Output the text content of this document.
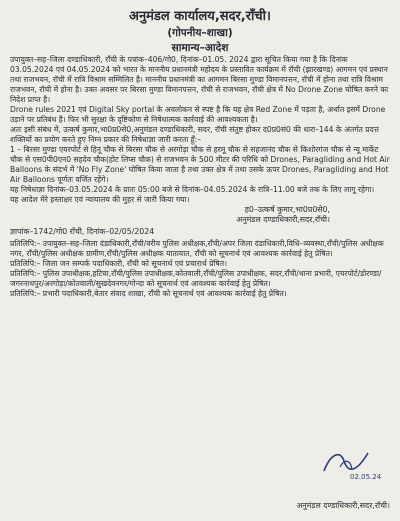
अनुमंडल कार्यालय,सदर,राँची।
(गोपनीय–शाखा)
सामान्य–आदेश

उपायुक्त–सह–जिला दण्डाधिकारी, राँची के पत्रांक–406/गो0, दिनांक–01.05. 2024 द्वारा सूचित किया गया है कि दिनांक 03.05.2024 एवं 04.05.2024 को भारत के माननीय प्रधानमंत्री महोदय के प्रस्तावित कार्यक्रम में रॉची (झारखण्ड) आगमन एवं प्रस्थान तथा राजभवन, रॉची में रात्रि विश्राम सम्मिलित है। माननीय प्रधानमंत्री का आगमन बिरसा मुण्डा विमानपत्तन, रॉची में होना तथा रात्रि विश्राम राजभवन, रॉची में होना है। उक्त अवसर पर बिरसा मुण्डा विमानपत्तन, रॉची से राजभवन, रॉची क्षेत्र में No Drone Zone घोषित करने का निदेश प्राप्त है।

Drone rules 2021 एवं Digital Sky portal के अवलोकन से स्पष्ट है कि यह क्षेत्र Red Zone में पड़ता है, अर्थात इसमें Drone उड़ाने पर प्रतिबंध है। फिर भी सुरक्षा के दृष्टिकोण से निषेधात्मक कार्रवाई की आवश्यकता है।

अतः इसी संबंध में, उत्कर्ष कुमार,भा0प्र0से0,अनुमंडल दण्डाधिकारी, सदर, रॉची संतुष्ट होकर द0प्र0सं0 की धारा–144 के अंतर्गत प्रदत्त शक्तियों का प्रयोग करते हुए निम्न प्रकार की निषेधाज्ञा जारी करता हूँ:–

1 – बिरसा मुण्डा एयरपोर्ट से हिनू चौक से बिरसा चौक से अरगोड़ा चौक से हरमू चौक से सहजानंद चौक से किशोरगंज चौक से न्यू मार्केट चौक से एस0पी0एन0 सहदेव चौक(होट लिप्स चौक) से राजभवन के 500 मीटर की परिधि को Drones, Paragliding and Hot Air Balloons के संदर्भ में 'No Fly Zone' घोषित किया जाता है तथा उक्त क्षेत्र में तथा उसके ऊपर Drones, Paragliding and Hot Air Balloons पूर्णतः वर्जित रहेंगे।

यह निषेधाज्ञा दिनांक–03.05.2024 के प्रातः 05:00 बजे से दिनांक–04.05.2024 के रात्रि–11.00 बजे तक के लिए लागू रहेगा।

यह आदेश मेरे हस्ताक्षर एवं न्यायालय की मुहर से जारी किया गया।

ह0–उत्कर्ष कुमार,भा0प्र0से0,

अनुमंडल दण्डाधिकारी,सदर,राँची।

ज्ञापांक–1742/गो0 राँची, दिनांक–02/05/2024

प्रतिलिपि:– उपायुक्त–सह–जिला दंडाधिकारी,राँची/वरीय पुलिस अधीक्षक,राँची/अपर जिला दंडाधिकारी,विधि–व्यवस्था,राँची/पुलिस अधीक्षक नगर, राँची/पुलिस अधीक्षक ग्रामीण,राँची/पुलिस अधीक्षक यातायात, राँची को सूचनार्थ एवं आवश्यक कार्रवाई हेतु प्रेषित।

प्रतिलिपि:– जिला जन सम्पर्क पदाधिकारी, राँची को सूचनार्थ एवं प्रचारार्थ प्रेषित।

प्रतिलिपि:– पुलिस उपाधीक्षक,हटिया,राँची/पुलिस उपाधीक्षक,कोतवाली,राँची/पुलिस उपाधीक्षक, सदर,राँची/थाना प्रभारी, एयरपोर्ट/डोरण्डा/जगरनाथपुर/अरगोड़ा/कोतवाली/सुखदेवनगर/गोन्दा को सूचनार्थ एवं आवश्यक कार्रवाई हेतु प्रेषित।

प्रतिलिपि:– प्रभारी पदाधिकारी,बेतार संवाद शाखा, राँची को सूचनार्थ एवं आवश्यक कार्रवाई हेतु प्रेषित।

02.05.24

अनुमंडल दण्डाधिकारी,सदर,राँची।
